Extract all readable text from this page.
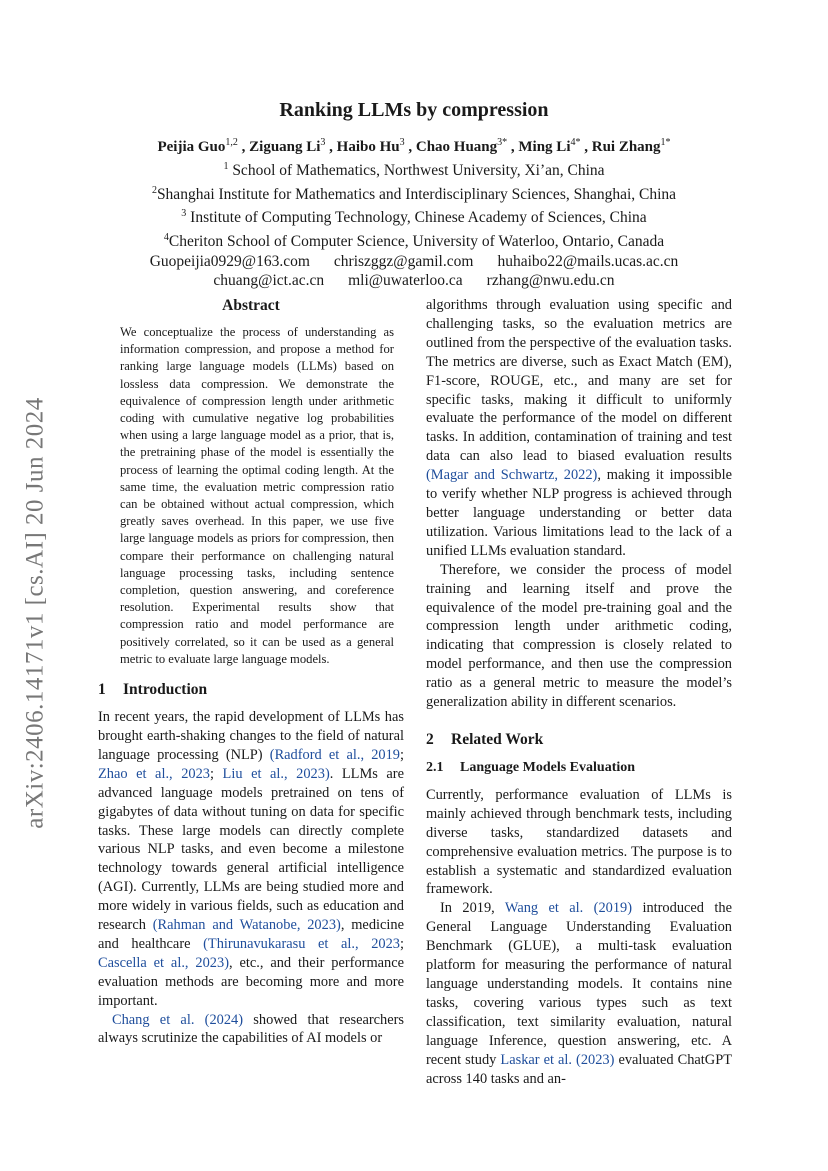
arXiv:2406.14171v1 [cs.AI] 20 Jun 2024
Ranking LLMs by compression

Peijia Guo$^{1,2}$ , Ziguang Li$^3$ , Haibo Hu$^3$ , Chao Huang$^{3*}$ , Ming $Li^{4*}$ , Rui Zhang$^{1*}$

$^1$ School of Mathematics, Northwest University, Xi’an, China

$^2$Shanghai Institute for Mathematics and Interdisciplinary Sciences, Shanghai, China

$^3$ Institute of Computing Technology, Chinese Academy of Sciences, China

$^4$Cheriton School of Computer Science, University of Waterloo, Ontario, Canada

Guopeijia0929@163.com chriszggz@gamil.com huhaibo22@mails.ucas.ac.cn

chuang@ict.ac.cn mli@uwaterloo.ca rzhang@nwu.edu.cn

Abstract

We conceptualize the process of understanding as information compression, and propose a method for ranking large language models (LLMs) based on lossless data compression. We demonstrate the equivalence of compression length under arithmetic coding with cumulative negative log probabilities when using a large language model as a prior, that is, the pretraining phase of the model is essentially the process of learning the optimal coding length. At the same time, the evaluation metric compression ratio can be obtained without actual compression, which greatly saves overhead. In this paper, we use five large language models as priors for compression, then compare their performance on challenging natural language processing tasks, including sentence completion, question answering, and coreference resolution. Experimental results show that compression ratio and model performance are positively correlated, so it can be used as a general metric to evaluate large language models.

1 Introduction

In recent years, the rapid development of LLMs has brought earth-shaking changes to the field of natural language processing (NLP) (Radford et al., 2019; Zhao et al., 2023; Liu et al., 2023). LLMs are advanced language models pretrained on tens of gigabytes of data without tuning on data for specific tasks. These large models can directly complete various NLP tasks, and even become a milestone technology towards general artificial intelligence (AGI). Currently, LLMs are being studied more and more widely in various fields, such as education and research (Rahman and Watanobe, 2023), medicine and healthcare (Thirunavukarasu et al., 2023; Cascella et al., 2023), etc., and their performance evaluation methods are becoming more and more important.

Chang et al. (2024) showed that researchers always scrutinize the capabilities of AI models or

algorithms through evaluation using specific and challenging tasks, so the evaluation metrics are outlined from the perspective of the evaluation tasks. The metrics are diverse, such as Exact Match (EM), F1-score, ROUGE, etc., and many are set for specific tasks, making it difficult to uniformly evaluate the performance of the model on different tasks. In addition, contamination of training and test data can also lead to biased evaluation results (Magar and Schwartz, 2022), making it impossible to verify whether NLP progress is achieved through better language understanding or better data utilization. Various limitations lead to the lack of a unified LLMs evaluation standard.

Therefore, we consider the process of model training and learning itself and prove the equivalence of the model pre-training goal and the compression length under arithmetic coding, indicating that compression is closely related to model performance, and then use the compression ratio as a general metric to measure the model’s generalization ability in different scenarios.

2 Related Work
2.1 Language Models Evaluation

Currently, performance evaluation of LLMs is mainly achieved through benchmark tests, including diverse tasks, standardized datasets and comprehensive evaluation metrics. The purpose is to establish a systematic and standardized evaluation framework.

In 2019, Wang et al. (2019) introduced the General Language Understanding Evaluation Benchmark (GLUE), a multi-task evaluation platform for measuring the performance of natural language understanding models. It contains nine tasks, covering various types such as text classification, text similarity evaluation, natural language Inference, question answering, etc. A recent study Laskar et al. (2023) evaluated ChatGPT across 140 tasks and an-
